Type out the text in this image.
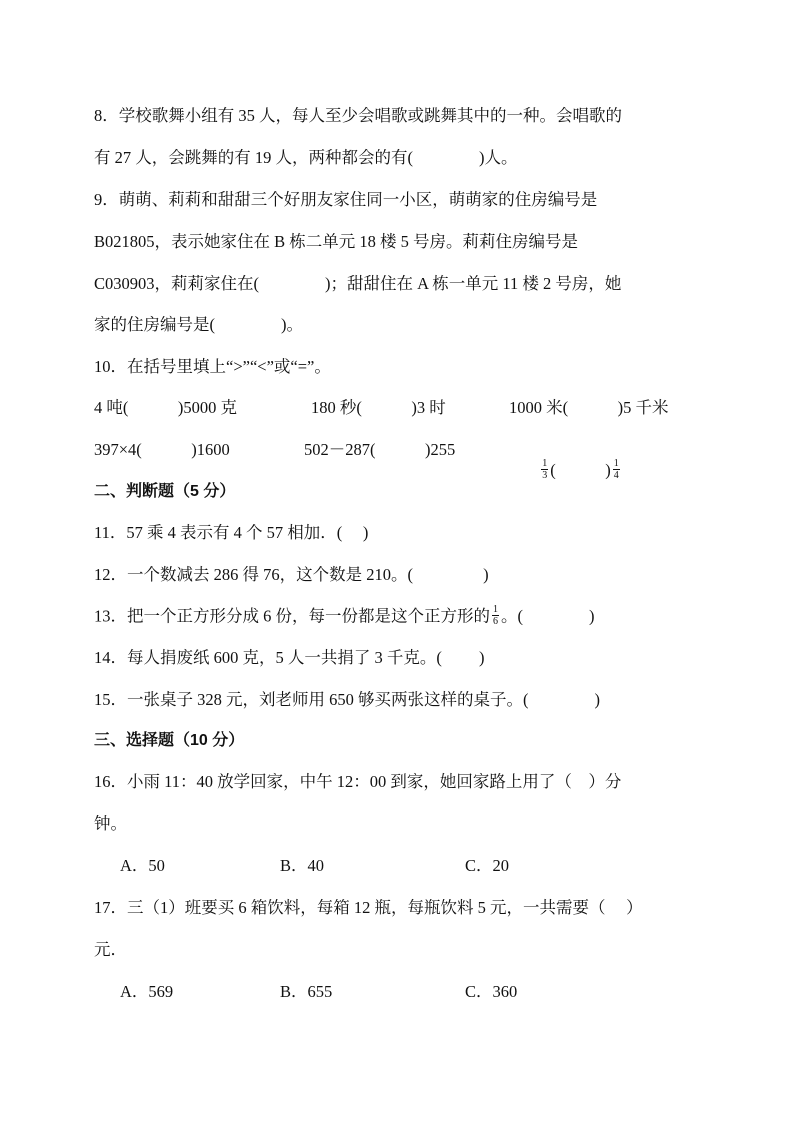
8．学校歌舞小组有 35 人，每人至少会唱歌或跳舞其中的一种。会唱歌的
有 27 人，会跳舞的有 19 人，两种都会的有(　　　　)人。
9．萌萌、莉莉和甜甜三个好朋友家住同一小区，萌萌家的住房编号是
B021805，表示她家住在 B 栋二单元 18 楼 5 号房。莉莉住房编号是
C030903，莉莉家住在(　　　　)；甜甜住在 A 栋一单元 11 楼 2 号房，她
家的住房编号是(　　　　)。
10．在括号里填上“>”“<”或“=”。
4 吨(　　　)5000 克	180 秒(　　　)3 时	1000 米(　　　)5 千米
397×4(　　　)1600	502－287(　　　)255

$\frac{1}{3}$ (　　　) $\frac{1}{4}$

二、判断题（5 分）
11．57 乘 4 表示有 4 个 57 相加．(　 )
12．一个数减去 286 得 76，这个数是 210。(　　　　 )
13．把一个正方形分成 6 份，每一份都是这个正方形的 $\frac{1}{6}$ 。(　　　　)
14．每人捐废纸 600 克，5 人一共捐了 3 千克。(　　 )
15．一张桌子 328 元，刘老师用 650 够买两张这样的桌子。(　　　　)
三、选择题（10 分）
16．小雨 11：40 放学回家，中午 12：00 到家，她回家路上用了（　）分
钟。
A．50	B．40	C．20
17．三（1）班要买 6 箱饮料，每箱 12 瓶，每瓶饮料 5 元，一共需要（　 ）
元．
A．569	B．655	C．360
